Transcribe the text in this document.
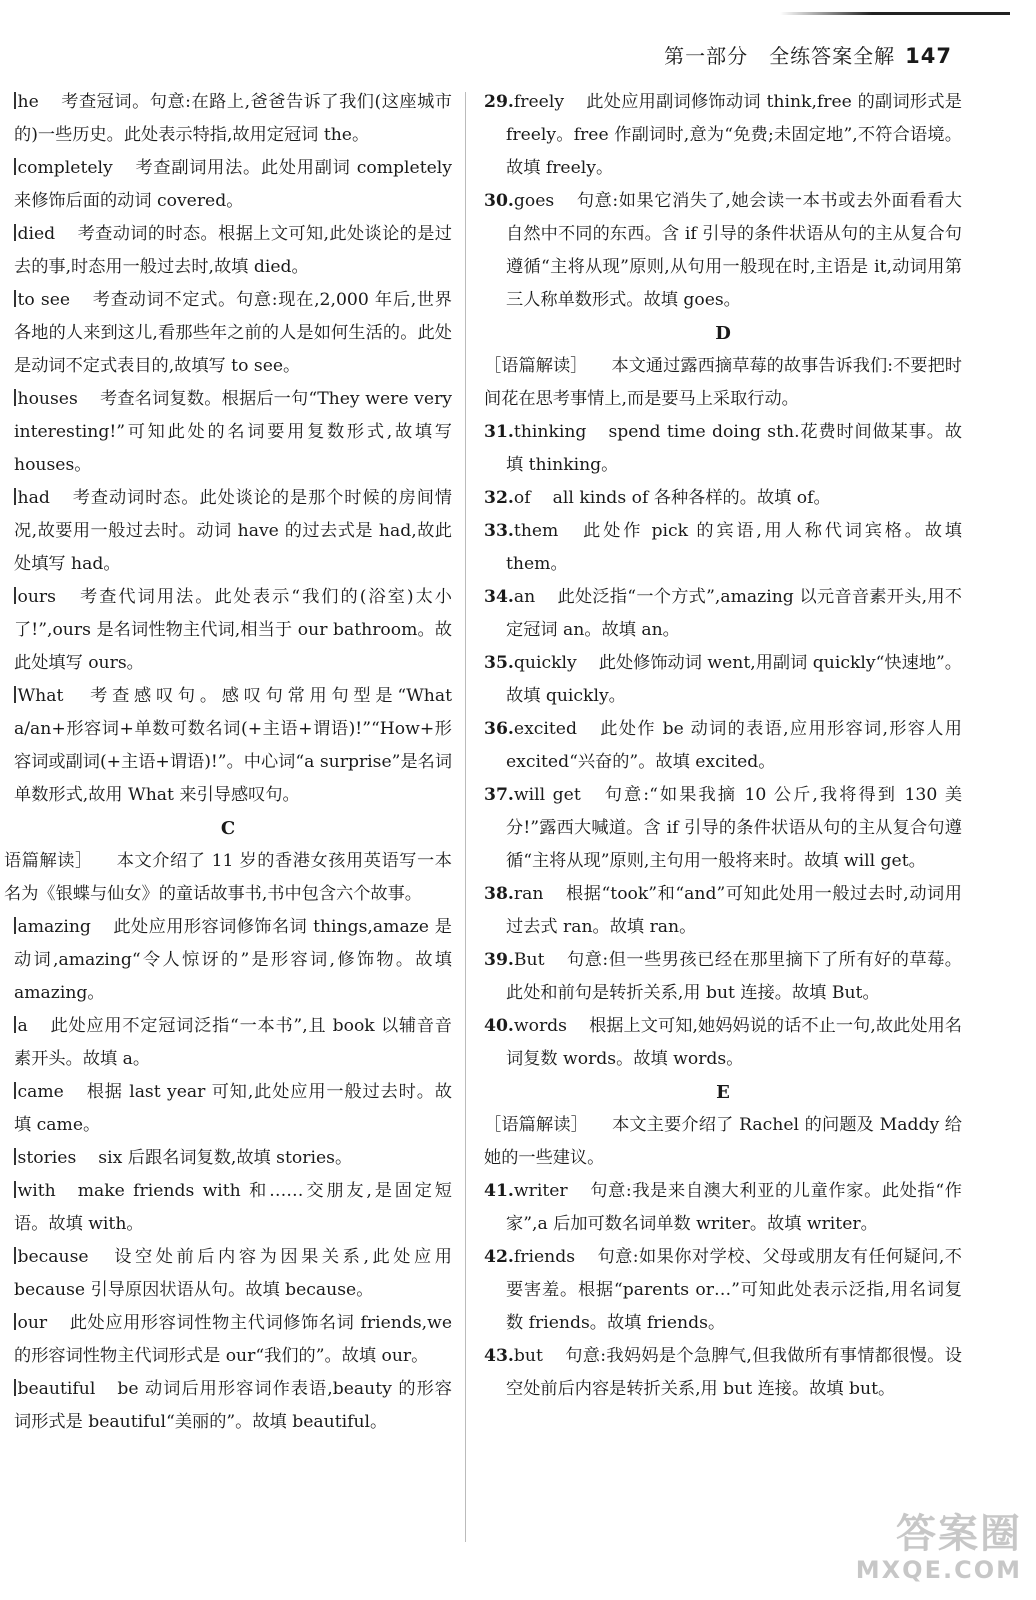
第一部分　全练答案全解 147
he 考查冠词。句意:在路上,爸爸告诉了我们(这座城市的)一些历史。此处表示特指,故用定冠词 the。
completely 考查副词用法。此处用副词 completely 来修饰后面的动词 covered。
died 考查动词的时态。根据上文可知,此处谈论的是过去的事,时态用一般过去时,故填 died。
to see 考查动词不定式。句意:现在,2,000 年后,世界各地的人来到这儿,看那些年之前的人是如何生活的。此处是动词不定式表目的,故填写 to see。
houses 考查名词复数。根据后一句“They were very interesting!”可知此处的名词要用复数形式,故填写 houses。
had 考查动词时态。此处谈论的是那个时候的房间情况,故要用一般过去时。动词 have 的过去式是 had,故此处填写 had。
ours 考查代词用法。此处表示“我们的(浴室)太小了!”,ours 是名词性物主代词,相当于 our bathroom。故此处填写 ours。
What 考查感叹句。感叹句常用句型是“What a/an+形容词+单数可数名词(+主语+谓语)!”“How+形容词或副词(+主语+谓语)!”。中心词“a surprise”是名词单数形式,故用 What 来引导感叹句。
C
语篇解读］ 本文介绍了 11 岁的香港女孩用英语写一本名为《银蝶与仙女》的童话故事书,书中包含六个故事。
amazing 此处应用形容词修饰名词 things,amaze 是动词,amazing“令人惊讶的”是形容词,修饰物。故填 amazing。
a 此处应用不定冠词泛指“一本书”,且 book 以辅音音素开头。故填 a。
came 根据 last year 可知,此处应用一般过去时。故填 came。
stories six 后跟名词复数,故填 stories。
with make friends with 和……交朋友,是固定短语。故填 with。
because 设空处前后内容为因果关系,此处应用 because 引导原因状语从句。故填 because。
our 此处应用形容词性物主代词修饰名词 friends,we 的形容词性物主代词形式是 our“我们的”。故填 our。
beautiful be 动词后用形容词作表语,beauty 的形容词形式是 beautiful“美丽的”。故填 beautiful。
29.freely 此处应用副词修饰动词 think,free 的副词形式是 freely。free 作副词时,意为“免费;未固定地”,不符合语境。故填 freely。
30.goes 句意:如果它消失了,她会读一本书或去外面看看大自然中不同的东西。含 if 引导的条件状语从句的主从复合句遵循“主将从现”原则,从句用一般现在时,主语是 it,动词用第三人称单数形式。故填 goes。
D
［语篇解读］ 本文通过露西摘草莓的故事告诉我们:不要把时间花在思考事情上,而是要马上采取行动。
31.thinking spend time doing sth.花费时间做某事。故填 thinking。
32.of all kinds of 各种各样的。故填 of。
33.them 此处作 pick 的宾语,用人称代词宾格。故填 them。
34.an 此处泛指“一个方式”,amazing 以元音音素开头,用不定冠词 an。故填 an。
35.quickly 此处修饰动词 went,用副词 quickly“快速地”。故填 quickly。
36.excited 此处作 be 动词的表语,应用形容词,形容人用 excited“兴奋的”。故填 excited。
37.will get 句意:“如果我摘 10 公斤,我将得到 130 美分!”露西大喊道。含 if 引导的条件状语从句的主从复合句遵循“主将从现”原则,主句用一般将来时。故填 will get。
38.ran 根据“took”和“and”可知此处用一般过去时,动词用过去式 ran。故填 ran。
39.But 句意:但一些男孩已经在那里摘下了所有好的草莓。此处和前句是转折关系,用 but 连接。故填 But。
40.words 根据上文可知,她妈妈说的话不止一句,故此处用名词复数 words。故填 words。
E
［语篇解读］ 本文主要介绍了 Rachel 的问题及 Maddy 给她的一些建议。
41.writer 句意:我是来自澳大利亚的儿童作家。此处指“作家”,a 后加可数名词单数 writer。故填 writer。
42.friends 句意:如果你对学校、父母或朋友有任何疑问,不要害羞。根据“parents or…”可知此处表示泛指,用名词复数 friends。故填 friends。
43.but 句意:我妈妈是个急脾气,但我做所有事情都很慢。设空处前后内容是转折关系,用 but 连接。故填 but。
答案圈
MXQE.COM
